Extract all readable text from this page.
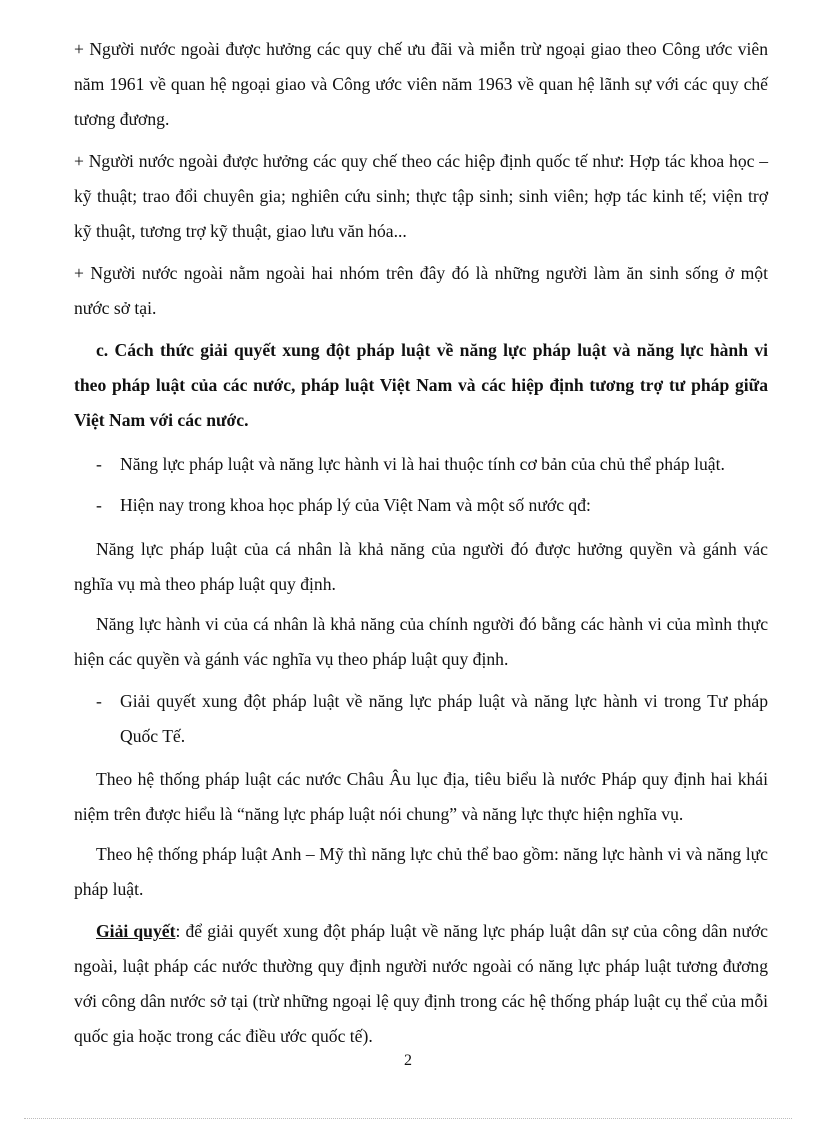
+ Người nước ngoài được hưởng các quy chế ưu đãi và miễn trừ ngoại giao theo Công ước viên năm 1961 về quan hệ ngoại giao và Công ước viên năm 1963 về quan hệ lãnh sự với các quy chế tương đương.

+ Người nước ngoài được hưởng các quy chế theo các hiệp định quốc tế như: Hợp tác khoa học – kỹ thuật; trao đổi chuyên gia; nghiên cứu sinh; thực tập sinh; sinh viên; hợp tác kinh tế; viện trợ kỹ thuật, tương trợ kỹ thuật, giao lưu văn hóa...

+ Người nước ngoài nằm ngoài hai nhóm trên đây đó là những người làm ăn sinh sống ở một nước sở tại.

c. Cách thức giải quyết xung đột pháp luật về năng lực pháp luật và năng lực hành vi theo pháp luật của các nước, pháp luật Việt Nam và các hiệp định tương trợ tư pháp giữa Việt Nam với các nước.

- Năng lực pháp luật và năng lực hành vi là hai thuộc tính cơ bản của chủ thể pháp luật.

- Hiện nay trong khoa học pháp lý của Việt Nam và một số nước qđ:

Năng lực pháp luật của cá nhân là khả năng của người đó được hưởng quyền và gánh vác nghĩa vụ mà theo pháp luật quy định.

Năng lực hành vi của cá nhân là khả năng của chính người đó bằng các hành vi của mình thực hiện các quyền và gánh vác nghĩa vụ theo pháp luật quy định.

- Giải quyết xung đột pháp luật về năng lực pháp luật và năng lực hành vi trong Tư pháp Quốc Tế.

Theo hệ thống pháp luật các nước Châu Âu lục địa, tiêu biểu là nước Pháp quy định hai khái niệm trên được hiểu là “năng lực pháp luật nói chung” và năng lực thực hiện nghĩa vụ.

Theo hệ thống pháp luật Anh – Mỹ thì năng lực chủ thể bao gồm: năng lực hành vi và năng lực pháp luật.

Giải quyết: để giải quyết xung đột pháp luật về năng lực pháp luật dân sự của công dân nước ngoài, luật pháp các nước thường quy định người nước ngoài có năng lực pháp luật tương đương với công dân nước sở tại (trừ những ngoại lệ quy định trong các hệ thống pháp luật cụ thể của mỗi quốc gia hoặc trong các điều ước quốc tế).

2
